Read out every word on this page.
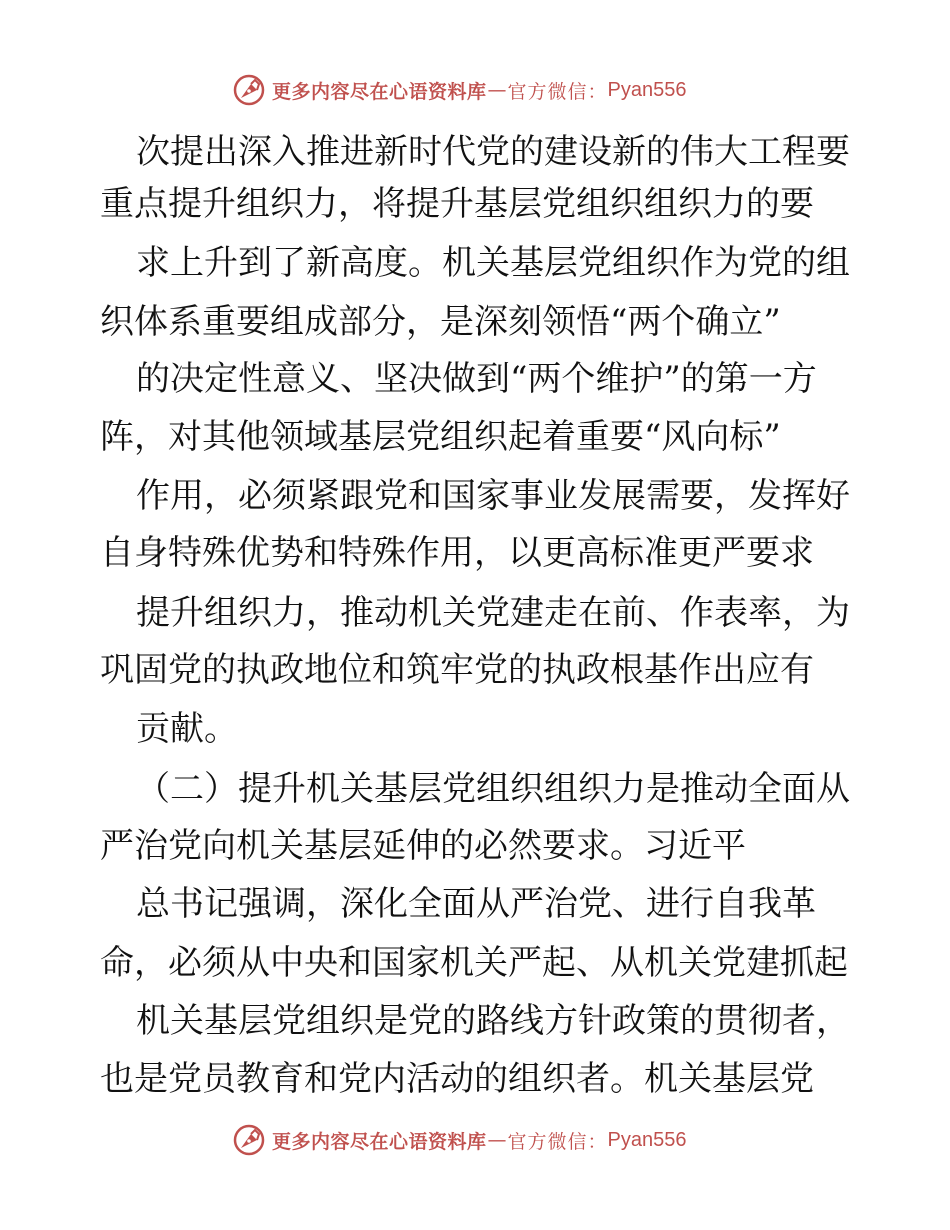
更多内容尽在心语资料库 — 官方微信： Pyan556
次提出深入推进新时代党的建设新的伟大工程要
重点提升组织力，将提升基层党组织组织力的要
求上升到了新高度。机关基层党组织作为党的组
织体系重要组成部分，是深刻领悟“两个确立”
的决定性意义、坚决做到“两个维护”的第一方
阵，对其他领域基层党组织起着重要“风向标”
作用，必须紧跟党和国家事业发展需要，发挥好
自身特殊优势和特殊作用，以更高标准更严要求
提升组织力，推动机关党建走在前、作表率，为
巩固党的执政地位和筑牢党的执政根基作出应有
贡献。
（二）提升机关基层党组织组织力是推动全面从
严治党向机关基层延伸的必然要求。习近平
总书记强调，深化全面从严治党、进行自我革
命，必须从中央和国家机关严起、从机关党建抓起
机关基层党组织是党的路线方针政策的贯彻者，
也是党员教育和党内活动的组织者。机关基层党
更多内容尽在心语资料库 — 官方微信： Pyan556
